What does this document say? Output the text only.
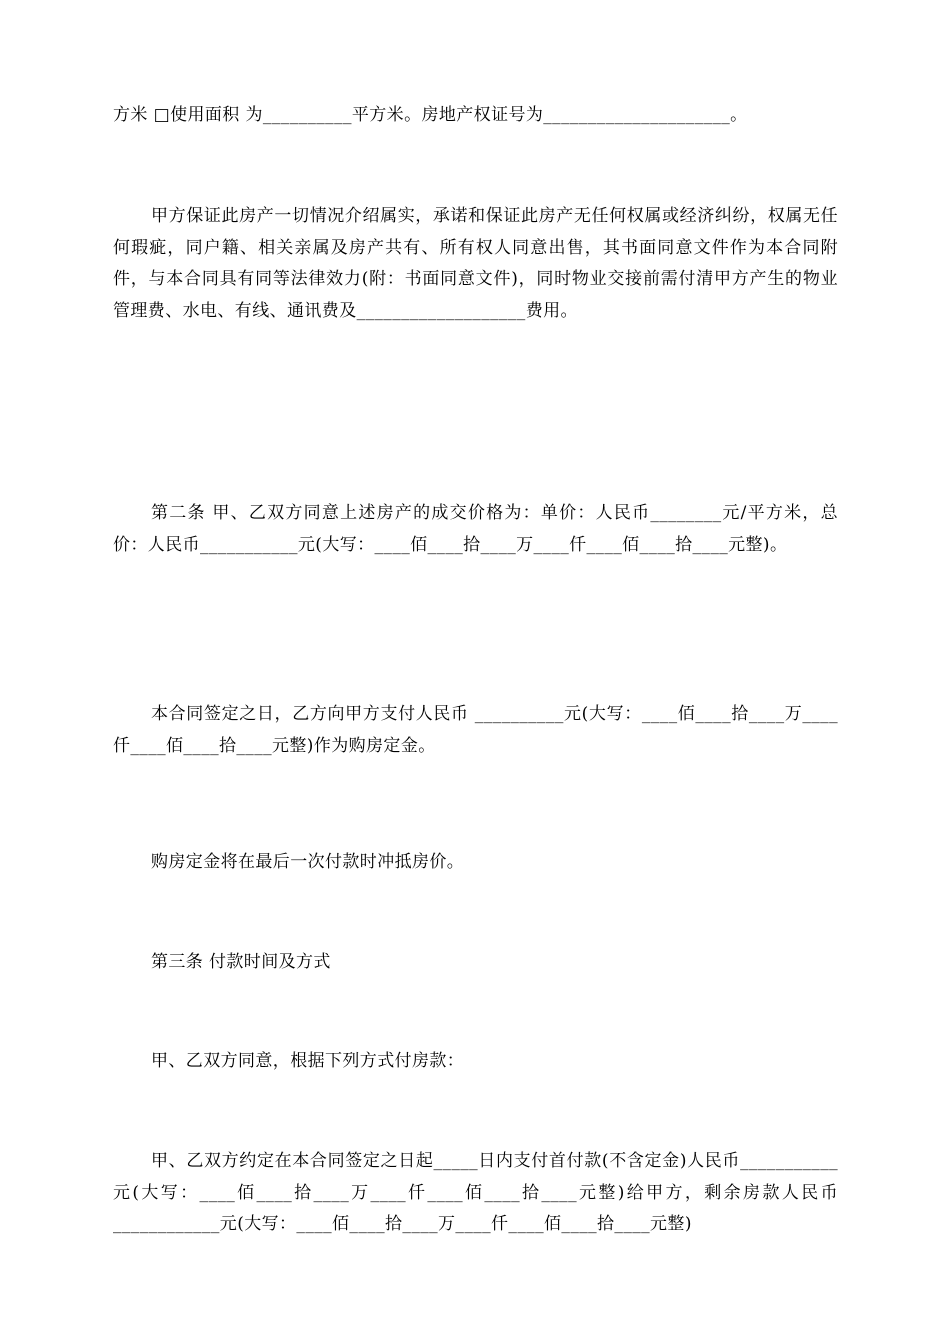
方米 □使用面积 为__________平方米。房地产权证号为_____________________。

甲方保证此房产一切情况介绍属实，承诺和保证此房产无任何权属或经济纠纷，权属无任何瑕疵，同户籍、相关亲属及房产共有、所有权人同意出售，其书面同意文件作为本合同附件，与本合同具有同等法律效力(附：书面同意文件)，同时物业交接前需付清甲方产生的物业管理费、水电、有线、通讯费及___________________费用。

第二条 甲、乙双方同意上述房产的成交价格为：单价：人民币________元/平方米，总价：人民币___________元(大写：____佰____拾____万____仟____佰____拾____元整)。

本合同签定之日，乙方向甲方支付人民币 __________元(大写：____佰____拾____万____仟____佰____拾____元整)作为购房定金。

购房定金将在最后一次付款时冲抵房价。

第三条 付款时间及方式

甲、乙双方同意，根据下列方式付房款：

甲、乙双方约定在本合同签定之日起_____日内支付首付款(不含定金)人民币___________元(大写：____佰____拾____万____仟____佰____拾____元整)给甲方，剩余房款人民币____________元(大写：____佰____拾____万____仟____佰____拾____元整)
